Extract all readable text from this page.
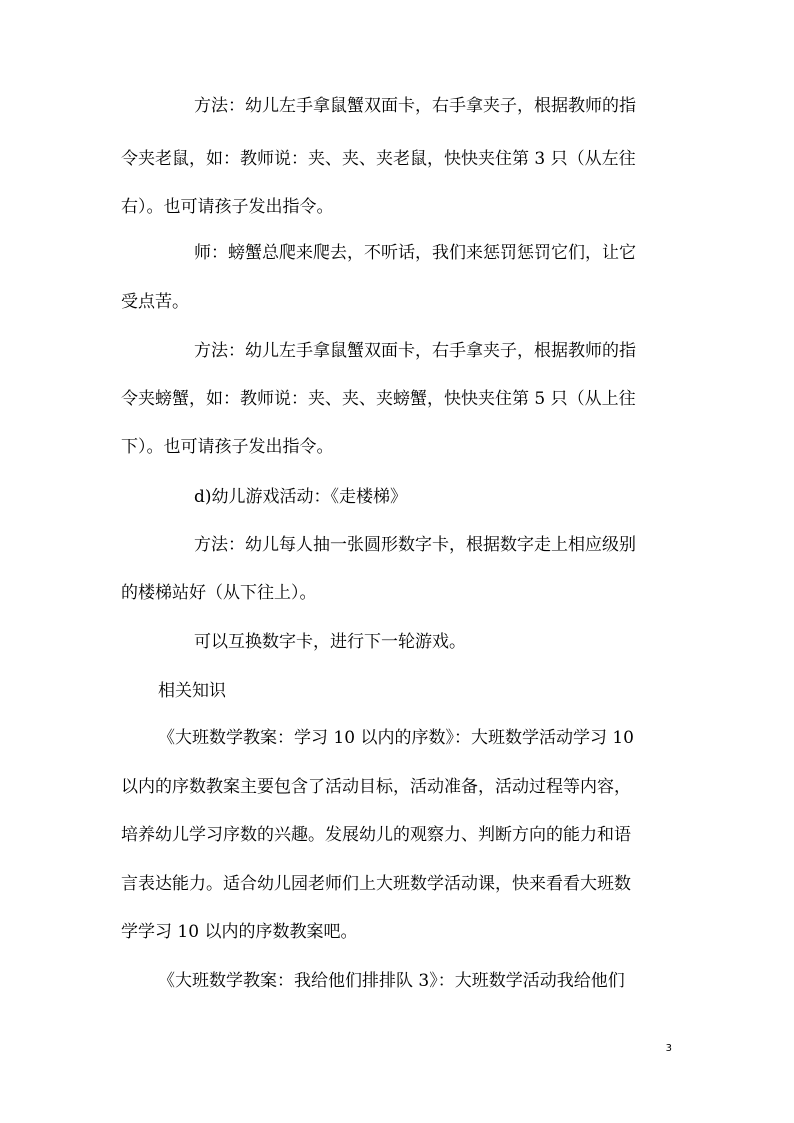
方法：幼儿左手拿鼠蟹双面卡，右手拿夹子，根据教师的指
令夹老鼠，如：教师说：夹、夹、夹老鼠，快快夹住第 3 只（从左往
右）。也可请孩子发出指令。
师：螃蟹总爬来爬去，不听话，我们来惩罚惩罚它们，让它
受点苦。
方法：幼儿左手拿鼠蟹双面卡，右手拿夹子，根据教师的指
令夹螃蟹，如：教师说：夹、夹、夹螃蟹，快快夹住第 5 只（从上往
下）。也可请孩子发出指令。
d)幼儿游戏活动：《走楼梯》
方法：幼儿每人抽一张圆形数字卡，根据数字走上相应级别
的楼梯站好（从下往上）。
可以互换数字卡，进行下一轮游戏。
相关知识
《大班数学教案：学习 10 以内的序数》：大班数学活动学习 10
以内的序数教案主要包含了活动目标，活动准备，活动过程等内容，
培养幼儿学习序数的兴趣。发展幼儿的观察力、判断方向的能力和语
言表达能力。适合幼儿园老师们上大班数学活动课，快来看看大班数
学学习 10 以内的序数教案吧。
《大班数学教案：我给他们排排队 3》：大班数学活动我给他们
3
